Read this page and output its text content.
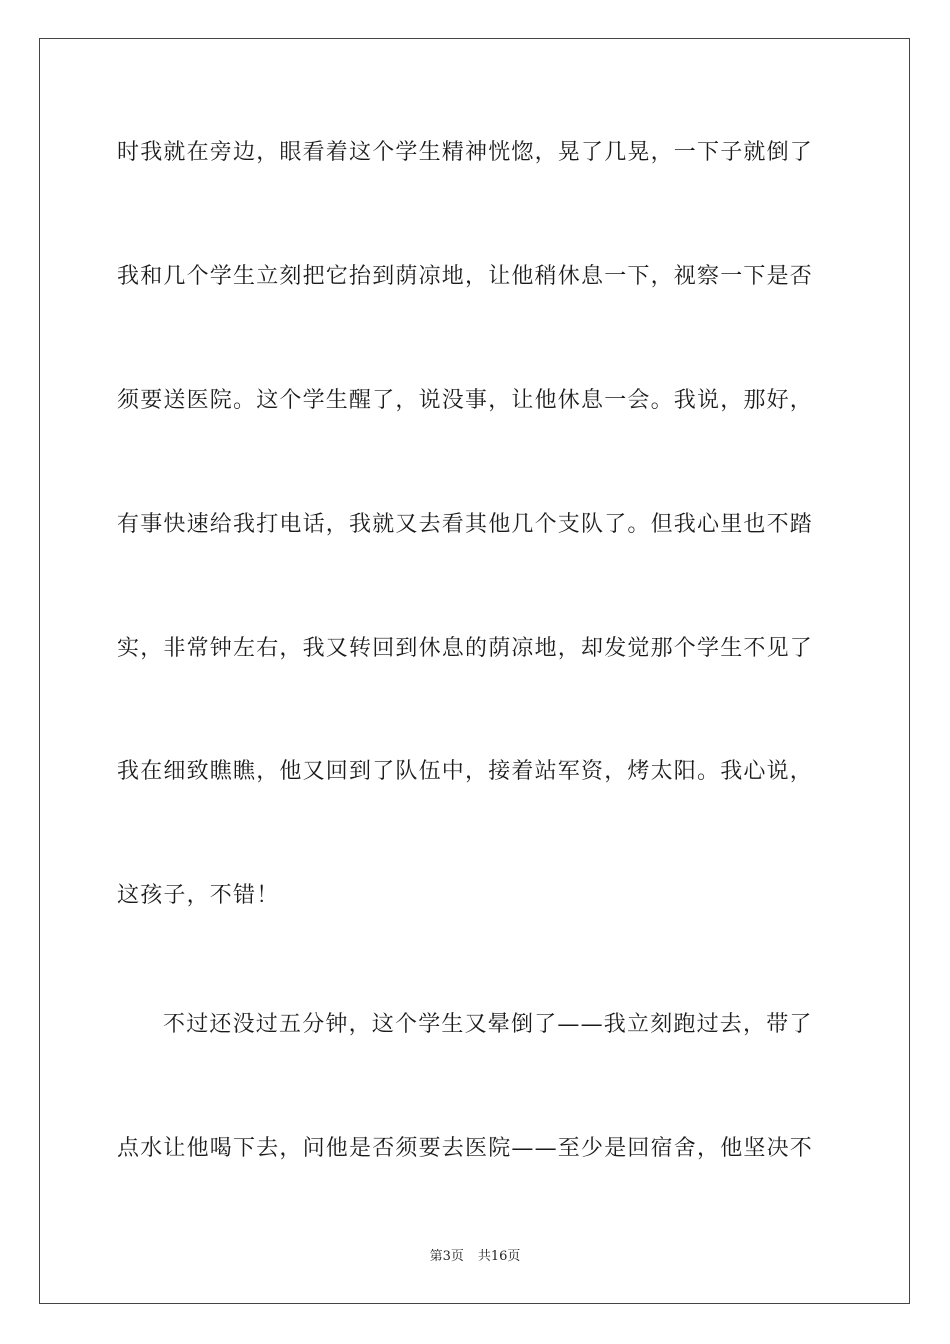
时我就在旁边，眼看着这个学生精神恍惚，晃了几晃，一下子就倒了
我和几个学生立刻把它抬到荫凉地，让他稍休息一下，视察一下是否
须要送医院。这个学生醒了，说没事，让他休息一会。我说，那好，
有事快速给我打电话，我就又去看其他几个支队了。但我心里也不踏
实，非常钟左右，我又转回到休息的荫凉地，却发觉那个学生不见了
我在细致瞧瞧，他又回到了队伍中，接着站军资，烤太阳。我心说，
这孩子，不错！
不过还没过五分钟，这个学生又晕倒了——我立刻跑过去，带了
点水让他喝下去，问他是否须要去医院——至少是回宿舍，他坚决不
第3页 共16页
